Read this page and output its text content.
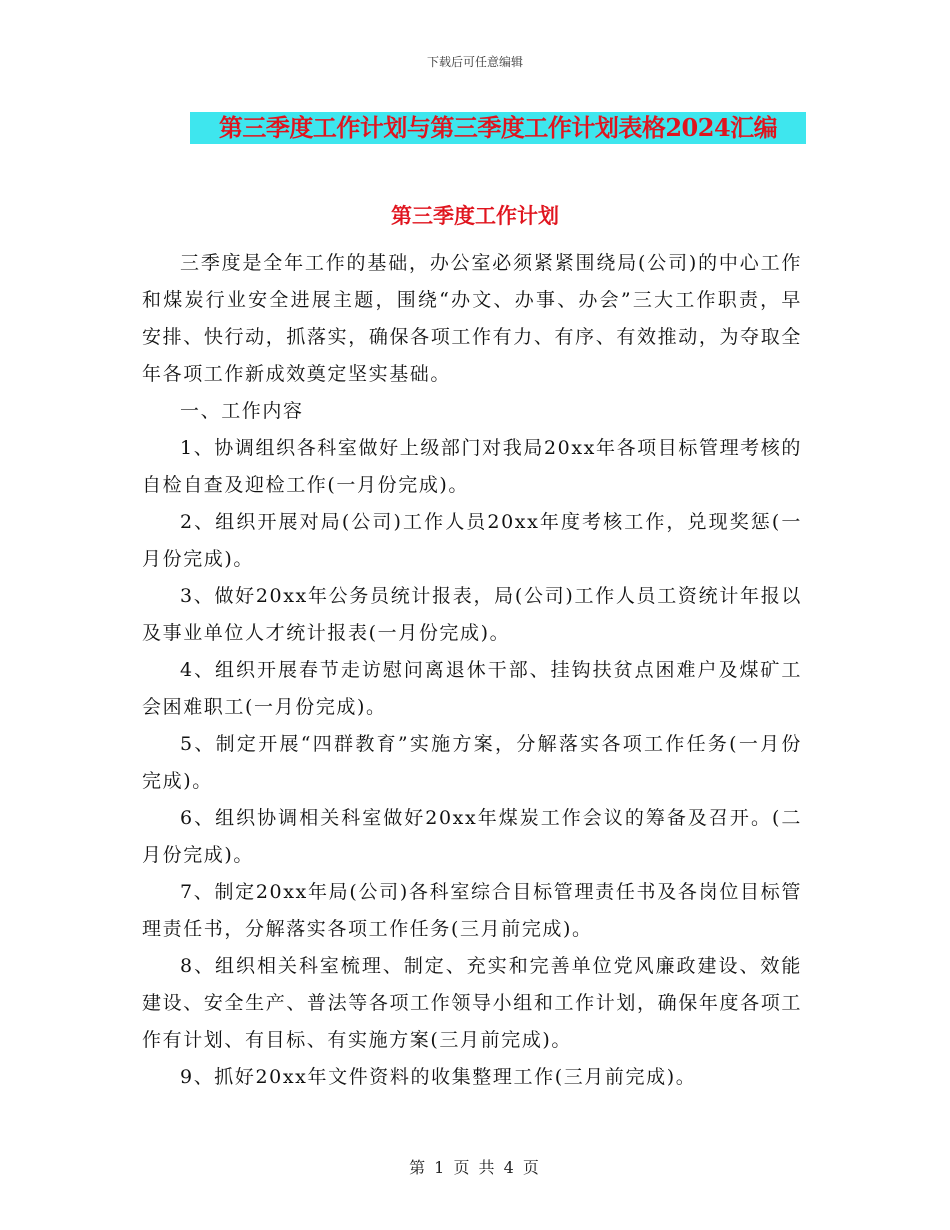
下载后可任意编辑
第三季度工作计划与第三季度工作计划表格2024汇编
第三季度工作计划

三季度是全年工作的基础，办公室必须紧紧围绕局(公司)的中心工作和煤炭行业安全进展主题，围绕“办文、办事、办会”三大工作职责，早安排、快行动，抓落实，确保各项工作有力、有序、有效推动，为夺取全年各项工作新成效奠定坚实基础。

一、工作内容

1、协调组织各科室做好上级部门对我局20xx年各项目标管理考核的自检自查及迎检工作(一月份完成)。

2、组织开展对局(公司)工作人员20xx年度考核工作，兑现奖惩(一月份完成)。

3、做好20xx年公务员统计报表，局(公司)工作人员工资统计年报以及事业单位人才统计报表(一月份完成)。

4、组织开展春节走访慰问离退休干部、挂钩扶贫点困难户及煤矿工会困难职工(一月份完成)。

5、制定开展“四群教育”实施方案，分解落实各项工作任务(一月份完成)。

6、组织协调相关科室做好20xx年煤炭工作会议的筹备及召开。(二月份完成)。

7、制定20xx年局(公司)各科室综合目标管理责任书及各岗位目标管理责任书，分解落实各项工作任务(三月前完成)。

8、组织相关科室梳理、制定、充实和完善单位党风廉政建设、效能建设、安全生产、普法等各项工作领导小组和工作计划，确保年度各项工作有计划、有目标、有实施方案(三月前完成)。

9、抓好20xx年文件资料的收集整理工作(三月前完成)。

第 1 页 共 4 页
